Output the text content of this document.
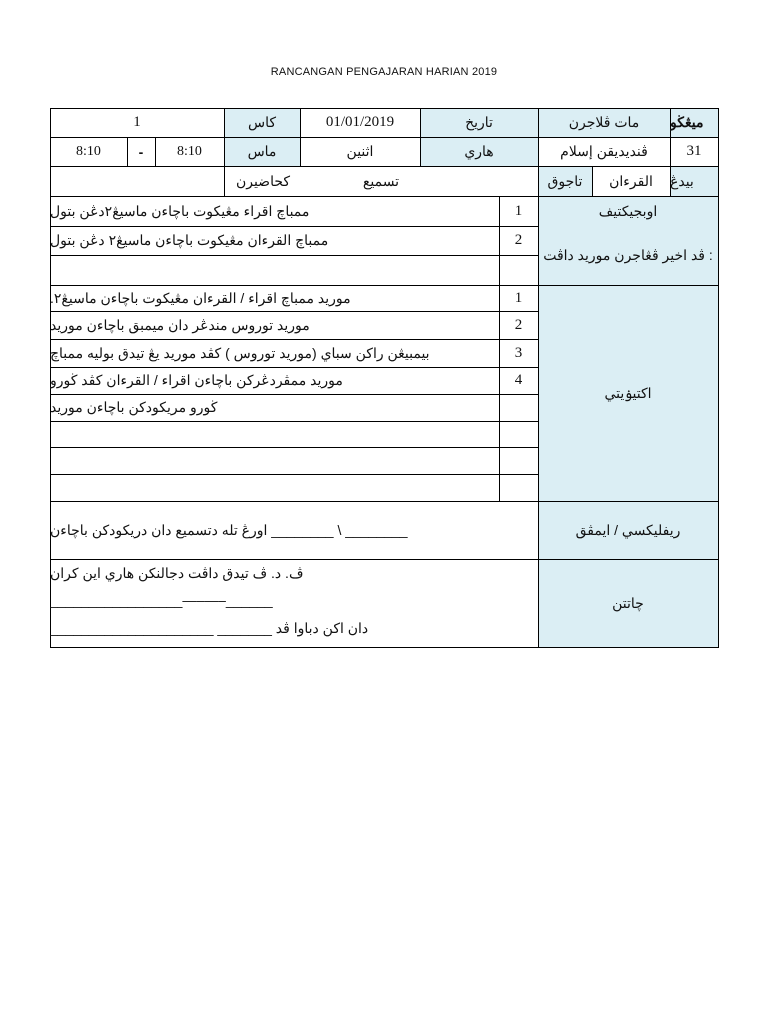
RANCANGAN PENGAJARAN HARIAN 2019
ميڠڬو
مات ڤلاجرن
تاريخ
01/01/2019
كاس
1
31
ڤنديديقن إسلام
هاري
اثنين
ماس
8:10
-
8:10
بيدڠ
القرءان
تاجوق
تسميع
كحاضيرن
اوبجيكتيف
ڤد اخير ڤڠاجرن موريد داڤت :
1
ممباچ اقراء مڠيكوت باچاءن ماسيڠ٢دڠن بتول
2
ممباچ القرءان مڠيكوت باچاءن ماسيڠ٢ دڠن بتول
اكتيۏيتي
1
موريد ممباچ اقراء / القرءان مڠيكوت باچاءن ماسيڠ٢.
2
موريد توروس مندڠر دان ميمبق باچاءن موريد
3
بيمبيڠن راكن سباي (موريد توروس ) كڤد موريد يڠ تيدق بوليه ممباچ
4
موريد ممڤردڠركن باچاءن اقراء / القرءان كڤد ڬورو
ڬورو مريكودكن باچاءن موريد
ريفليكسي / ايمڤق
________ \ ________ اورڠ تله دتسميع دان دريكودكن باچاءن
چاتتن
ڤ. د. ڤ تيدق داڤت دجالنكن هاري اين كران
______–—–—_________________
دان اكن دباوا ڤد _______ _____________________
